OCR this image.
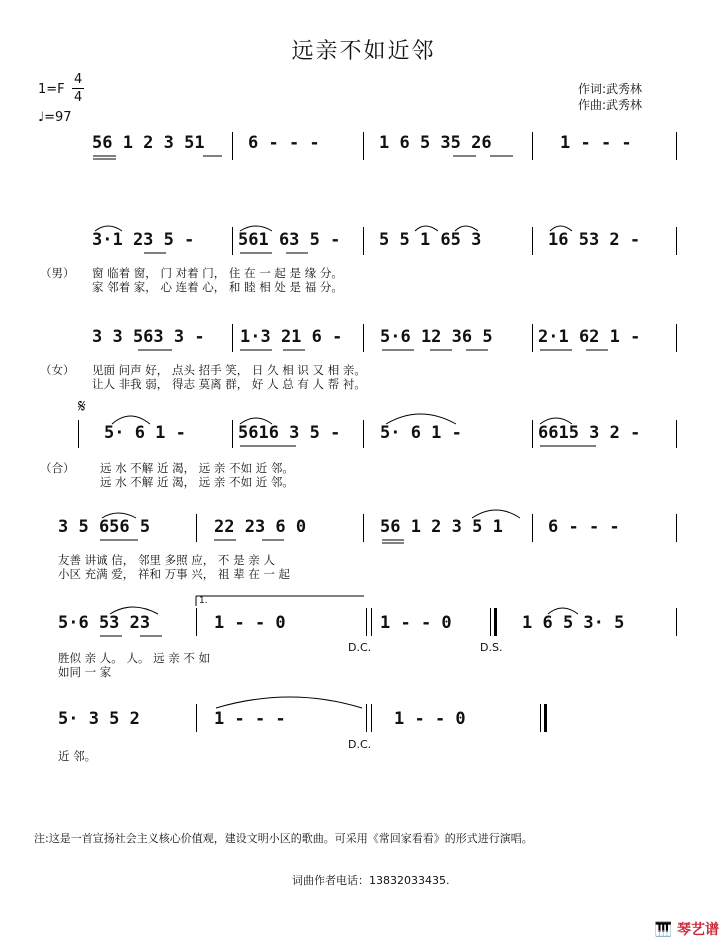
远亲不如近邻
1=F
4
4
♩=97
作词:武秀林
作曲:武秀林
56 1 2 3 51	6 - - -	1 6 5 35 26	1 - - -
3·1 23 5 -	561 63 5 - 5 5 1 65 3	16 53 2 -
（男） 窗 临着 窗， 门 对着 门， 住 在 一 起 是 缘 分。
家 邻着 家， 心 连着 心， 和 睦 相 处 是 福 分。
3 3 563 3 - 1·3 21 6 - 5·6 12 36 5	2·1 62 1 -
（女） 见面 问声 好， 点头 招手 笑， 日 久 相 识 又 相 亲。
让人 非我 弱， 得志 莫离 群， 好 人 总 有 人 帮 衬。
𝄋
5· 6 1 -	5616 3 5 - 5· 6 1 -	6615 3 2 -
（合） 远 水 不解 近 渴， 远 亲 不如 近 邻。
远 水 不解 近 渴， 远 亲 不如 近 邻。
3 5 656 5	22 23 6 0	56 1 2 3 5 1	6 - - -
友善 讲诚 信， 邻里 多照 应， 不 是 亲 人
小区 充满 爱， 祥和 万事 兴， 祖 辈 在 一 起
1.
5·6 53 23	1 - - 0	1 - - 0	1 6 5 3· 5
D.C.	D.S.
胜似 亲 人。 人。 远 亲 不 如
如同 一 家
5· 3 5 2	1 - - -	1 - - 0
D.C.
近 邻。
注:这是一首宣扬社会主义核心价值观，建设文明小区的歌曲。可采用《常回家看看》的形式进行演唱。
词曲作者电话：13832033435.
🎹 琴艺谱
